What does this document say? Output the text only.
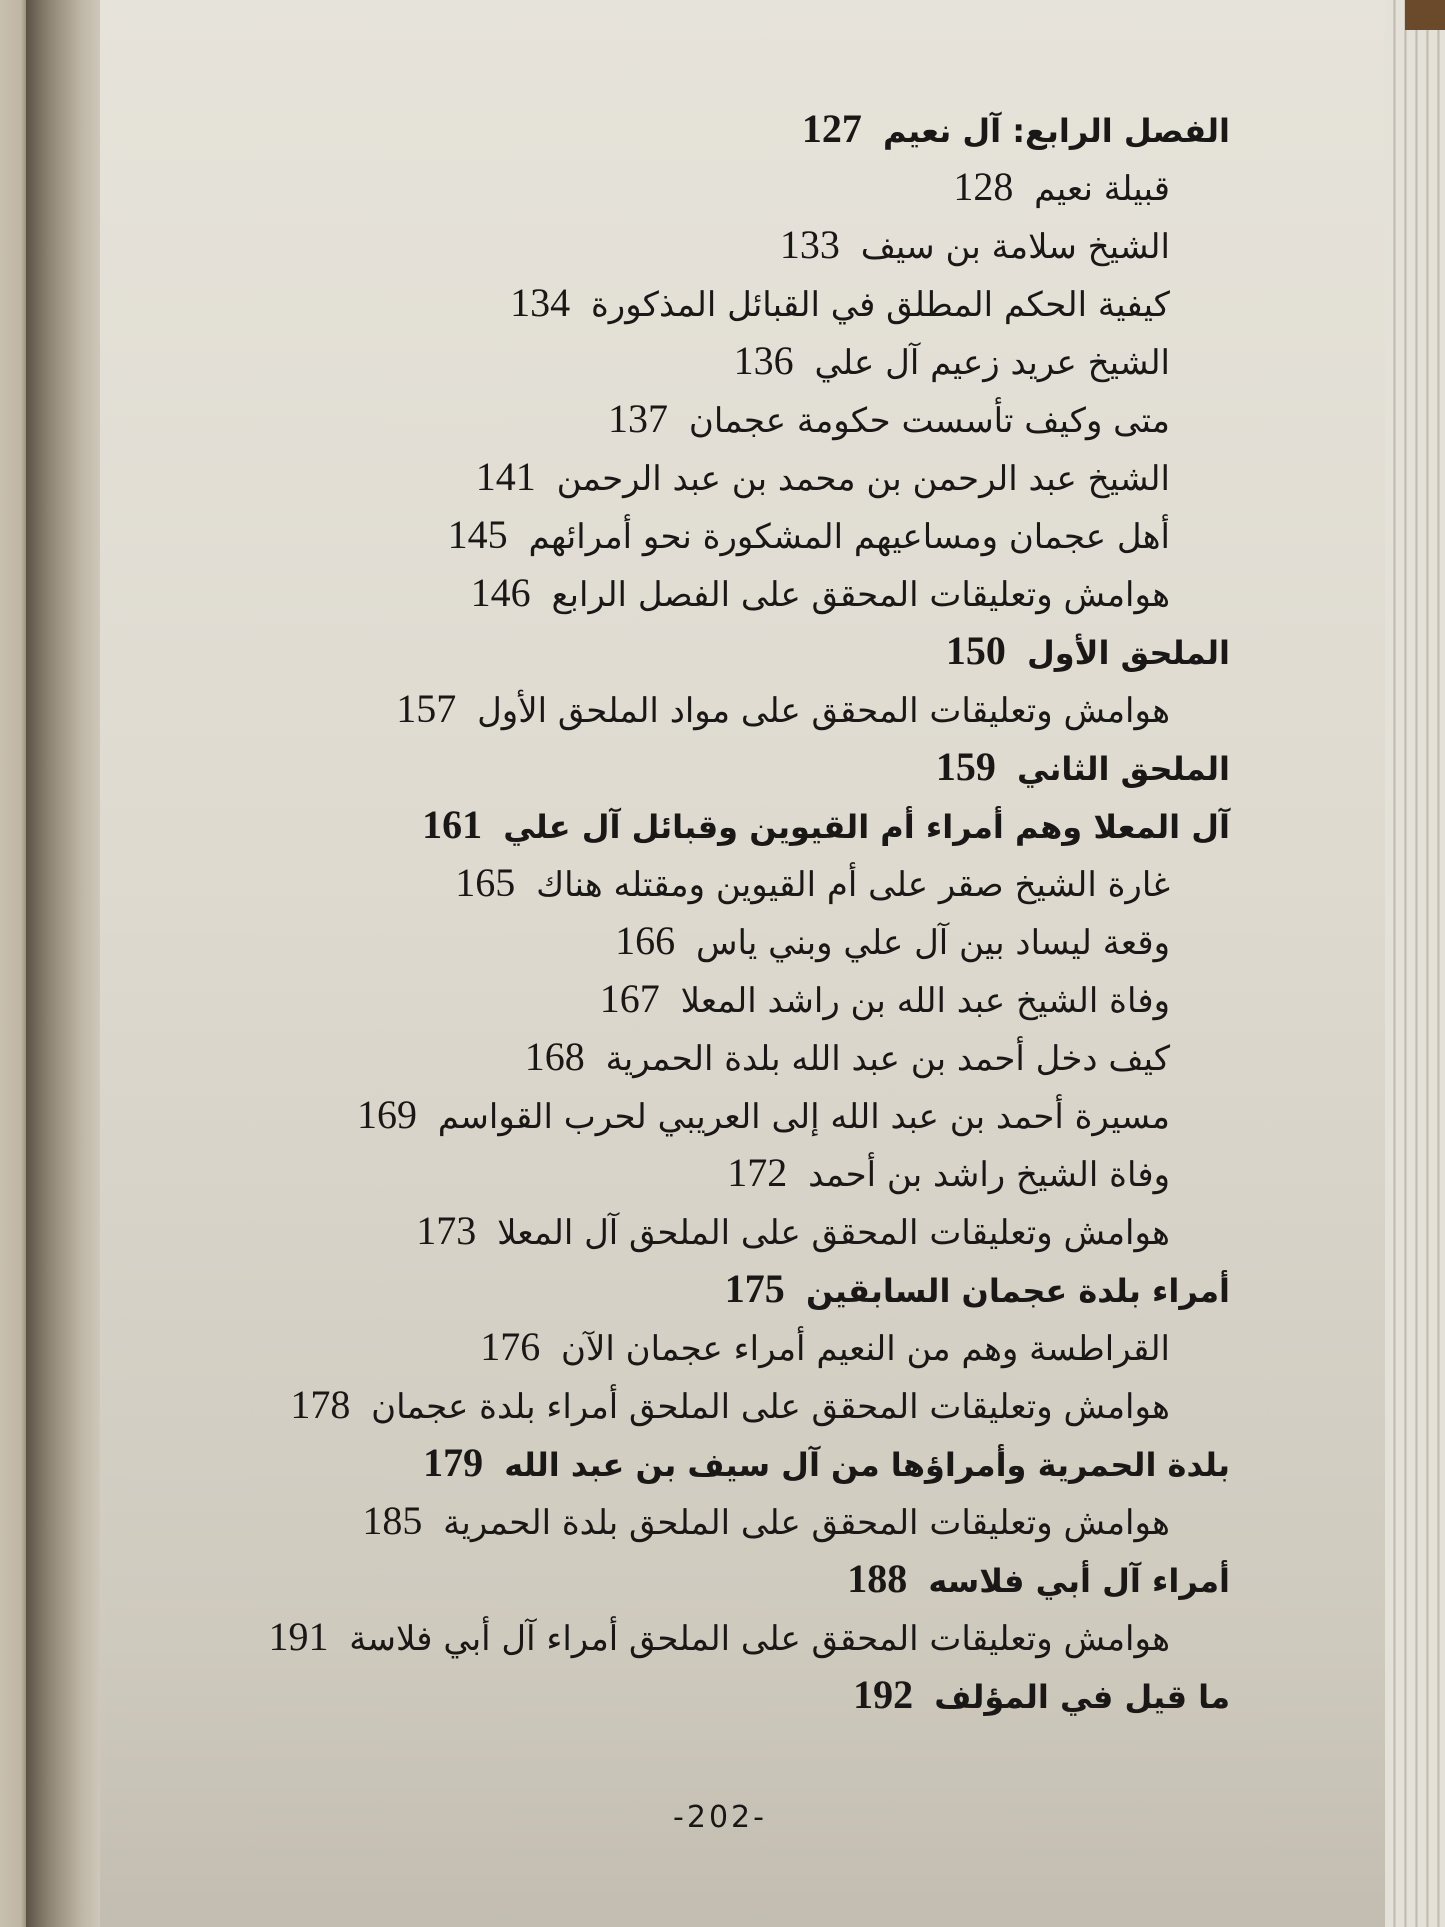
الفصل الرابع: آل نعيم 127
قبيلة نعيم 128
الشيخ سلامة بن سيف 133
كيفية الحكم المطلق في القبائل المذكورة 134
الشيخ عريد زعيم آل علي 136
متى وكيف تأسست حكومة عجمان 137
الشيخ عبد الرحمن بن محمد بن عبد الرحمن 141
أهل عجمان ومساعيهم المشكورة نحو أمرائهم 145
هوامش وتعليقات المحقق على الفصل الرابع 146
الملحق الأول 150
هوامش وتعليقات المحقق على مواد الملحق الأول 157
الملحق الثاني 159
آل المعلا وهم أمراء أم القيوين وقبائل آل علي 161
غارة الشيخ صقر على أم القيوين ومقتله هناك 165
وقعة ليساد بين آل علي وبني ياس 166
وفاة الشيخ عبد الله بن راشد المعلا 167
كيف دخل أحمد بن عبد الله بلدة الحمرية 168
مسيرة أحمد بن عبد الله إلى العريبي لحرب القواسم 169
وفاة الشيخ راشد بن أحمد 172
هوامش وتعليقات المحقق على الملحق آل المعلا 173
أمراء بلدة عجمان السابقين 175
القراطسة وهم من النعيم أمراء عجمان الآن 176
هوامش وتعليقات المحقق على الملحق أمراء بلدة عجمان 178
بلدة الحمرية وأمراؤها من آل سيف بن عبد الله 179
هوامش وتعليقات المحقق على الملحق بلدة الحمرية 185
أمراء آل أبي فلاسه 188
هوامش وتعليقات المحقق على الملحق أمراء آل أبي فلاسة 191
ما قيل في المؤلف 192
-202-
